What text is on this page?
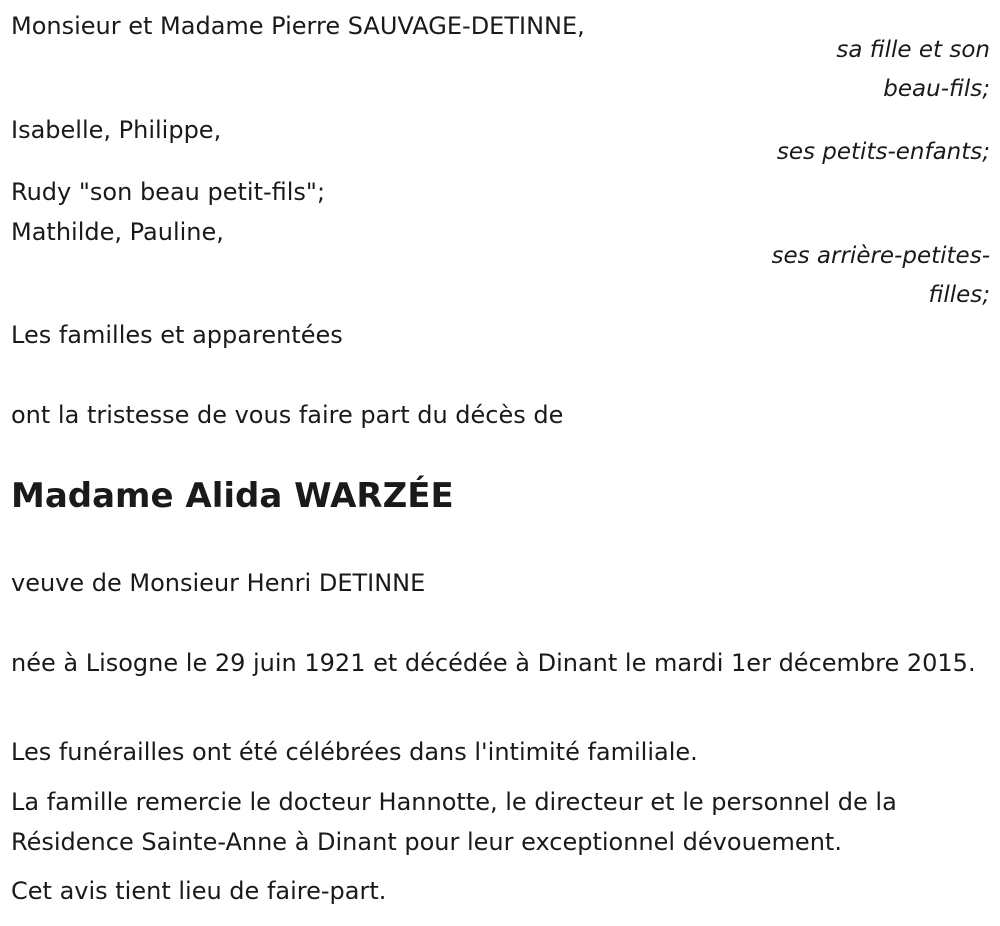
Monsieur et Madame Pierre SAUVAGE-DETINNE,
sa fille et son
beau-fils;
Isabelle, Philippe,
ses petits-enfants;
Rudy "son beau petit-fils";
Mathilde, Pauline,
ses arrière-petites-
filles;
Les familles et apparentées
ont la tristesse de vous faire part du décès de
Madame Alida WARZÉE
veuve de Monsieur Henri DETINNE
née à Lisogne le 29 juin 1921 et décédée à Dinant le mardi 1er décembre 2015.
Les funérailles ont été célébrées dans l'intimité familiale.
La famille remercie le docteur Hannotte, le directeur et le personnel de la Résidence Sainte-Anne à Dinant pour leur exceptionnel dévouement.
Cet avis tient lieu de faire-part.
